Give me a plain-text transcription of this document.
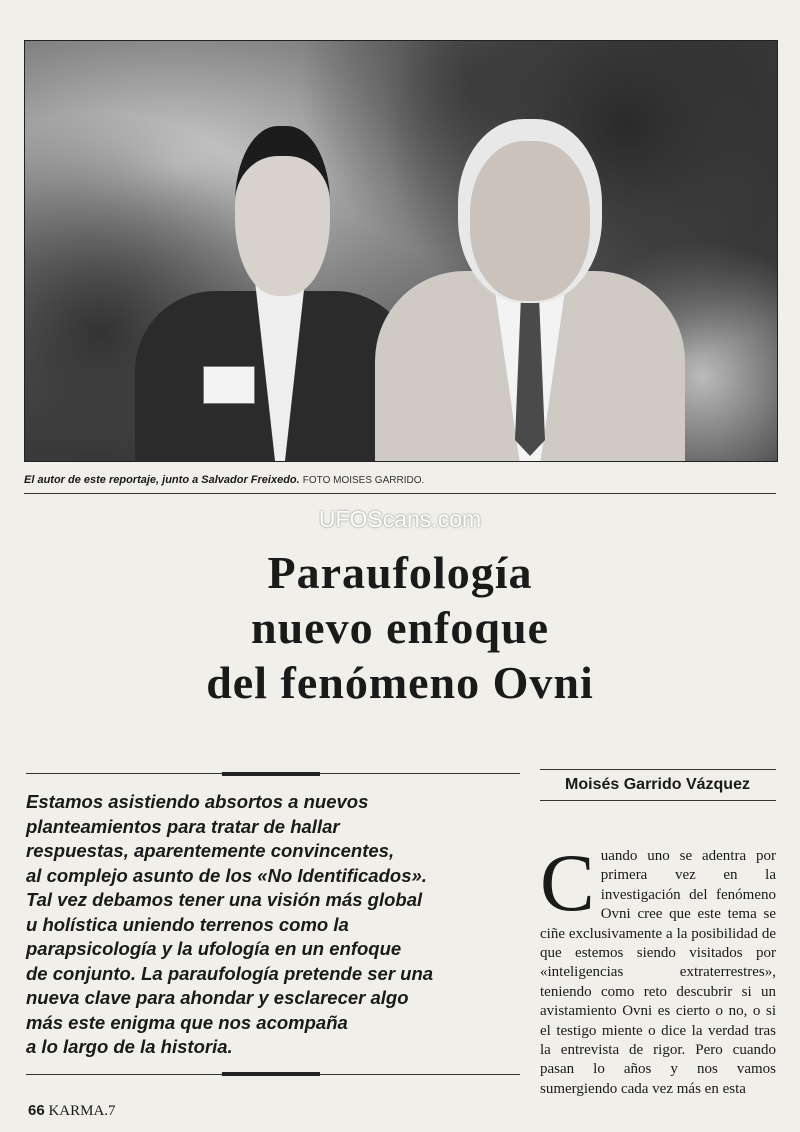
El autor de este reportaje, junto a Salvador Freixedo. FOTO MOISES GARRIDO.
UFOScans.com
Paraufología
nuevo enfoque
del fenómeno Ovni
Estamos asistiendo absortos a nuevos
planteamientos para tratar de hallar
respuestas, aparentemente convincentes,
al complejo asunto de los «No Identificados».
Tal vez debamos tener una visión más global
u holística uniendo terrenos como la
parapsicología y la ufología en un enfoque
de conjunto. La paraufología pretende ser una
nueva clave para ahondar y esclarecer algo
más este enigma que nos acompaña
a lo largo de la historia.
Moisés Garrido Vázquez
C uando uno se adentra por primera vez en la investigación del fenómeno Ovni cree que este tema se ciñe exclusivamente a la posibilidad de que estemos siendo visitados por «inteligencias extraterrestres», teniendo como reto descubrir si un avistamiento Ovni es cierto o no, o si el testigo miente o dice la verdad tras la entrevista de rigor. Pero cuando pasan lo años y nos vamos sumergiendo cada vez más en esta
66 KARMA.7
